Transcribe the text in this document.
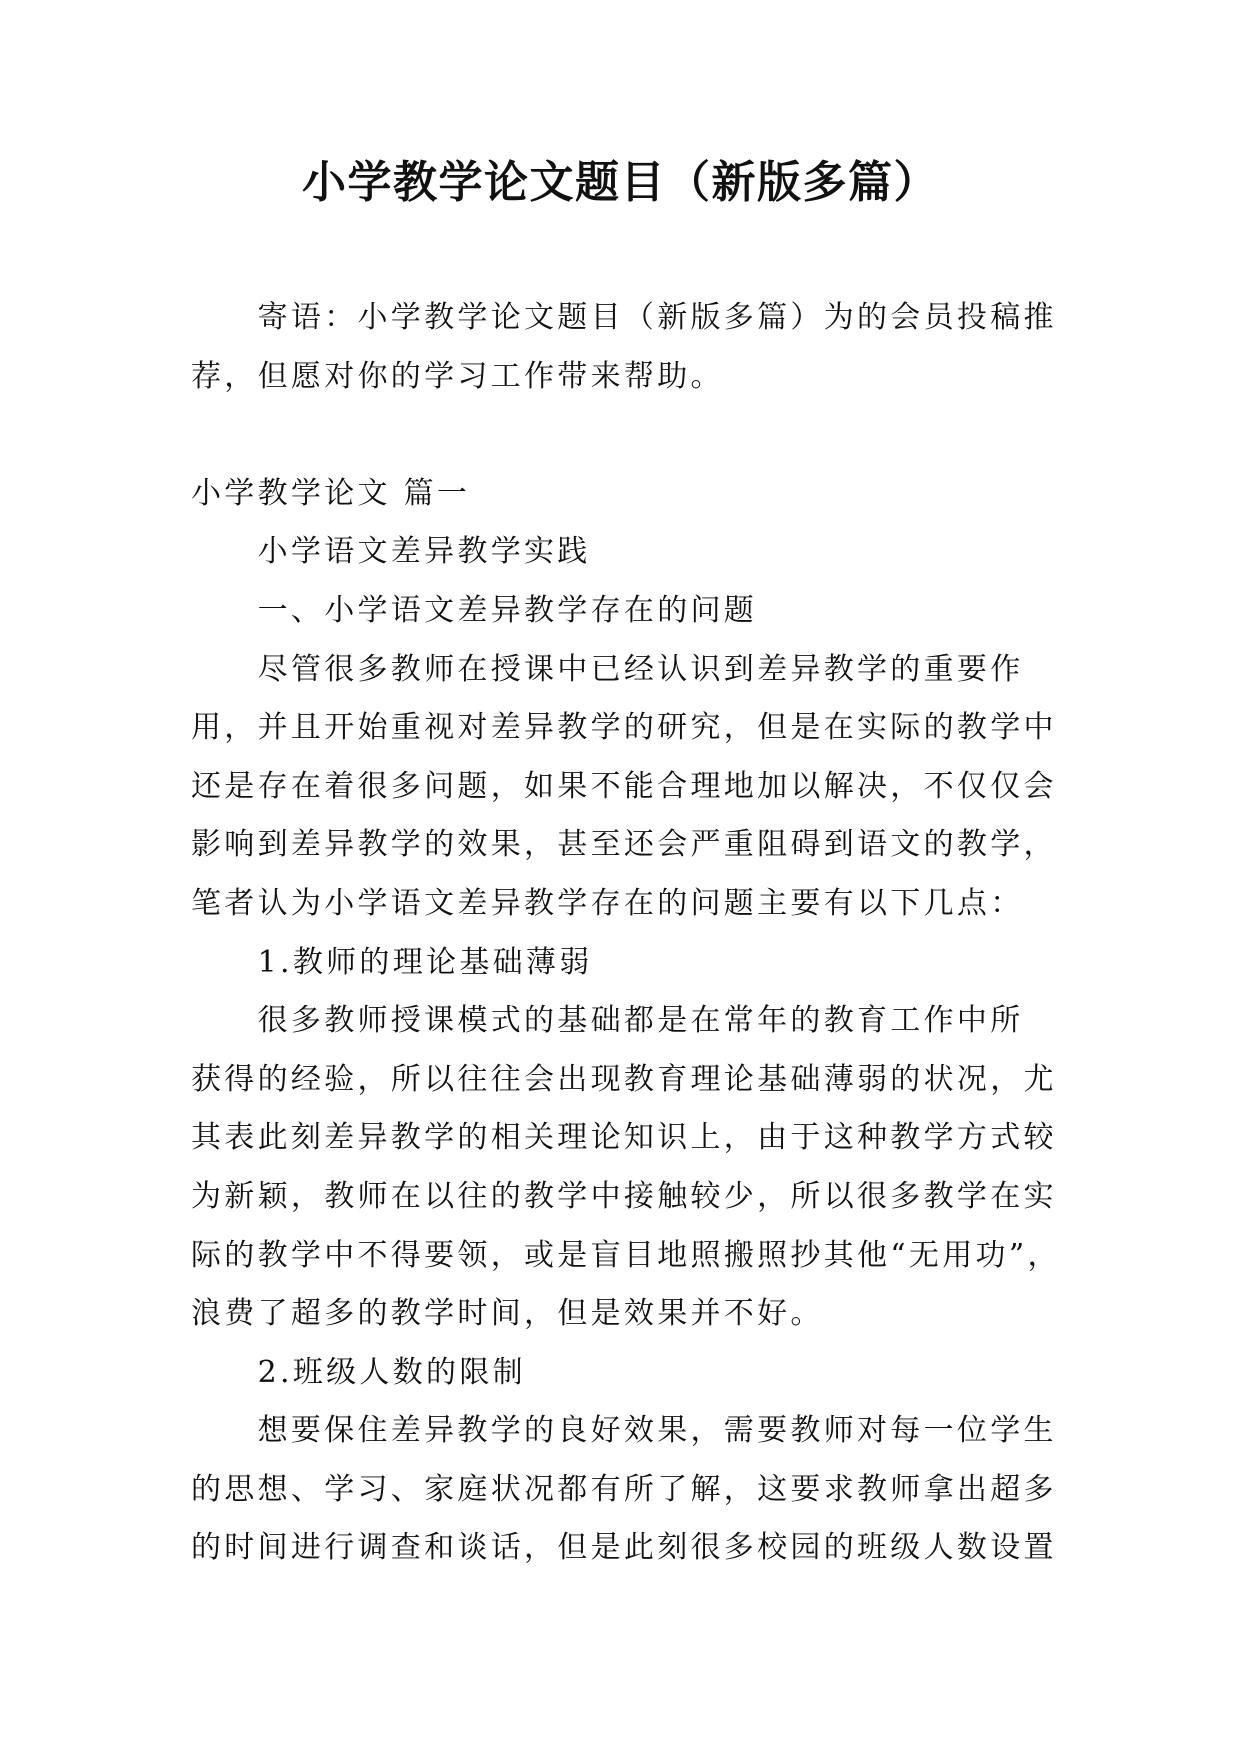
小学教学论文题目（新版多篇）
寄语：小学教学论文题目（新版多篇）为的会员投稿推
荐，但愿对你的学习工作带来帮助。
小学教学论文 篇一
小学语文差异教学实践
一、小学语文差异教学存在的问题
尽管很多教师在授课中已经认识到差异教学的重要作
用，并且开始重视对差异教学的研究，但是在实际的教学中
还是存在着很多问题，如果不能合理地加以解决，不仅仅会
影响到差异教学的效果，甚至还会严重阻碍到语文的教学，
笔者认为小学语文差异教学存在的问题主要有以下几点：
1.教师的理论基础薄弱
很多教师授课模式的基础都是在常年的教育工作中所
获得的经验，所以往往会出现教育理论基础薄弱的状况，尤
其表此刻差异教学的相关理论知识上，由于这种教学方式较
为新颖，教师在以往的教学中接触较少，所以很多教学在实
际的教学中不得要领，或是盲目地照搬照抄其他“无用功”，
浪费了超多的教学时间，但是效果并不好。
2.班级人数的限制
想要保住差异教学的良好效果，需要教师对每一位学生
的思想、学习、家庭状况都有所了解，这要求教师拿出超多
的时间进行调查和谈话，但是此刻很多校园的班级人数设置
